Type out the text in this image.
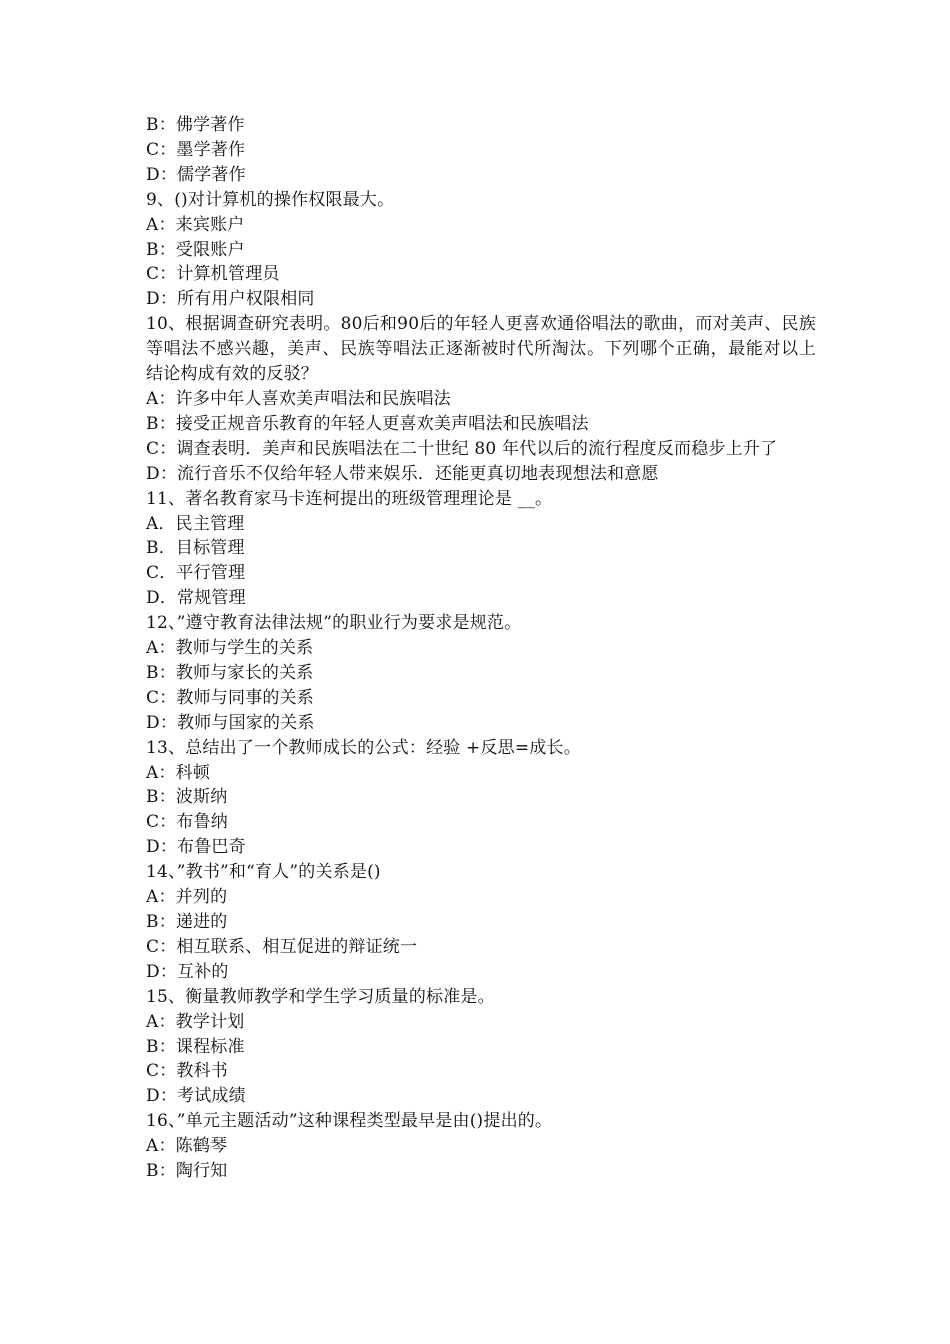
B：佛学著作
C：墨学著作
D：儒学著作
9、()对计算机的操作权限最大。
A：来宾账户
B：受限账户
C：计算机管理员
D：所有用户权限相同
10、根据调查研究表明。80后和90后的年轻人更喜欢通俗唱法的歌曲，而对美声、民族等唱法不感兴趣，美声、民族等唱法正逐渐被时代所淘汰。下列哪个正确，最能对以上结论构成有效的反驳？
A：许多中年人喜欢美声唱法和民族唱法
B：接受正规音乐教育的年轻人更喜欢美声唱法和民族唱法
C：调查表明．美声和民族唱法在二十世纪 80 年代以后的流行程度反而稳步上升了
D：流行音乐不仅给年轻人带来娱乐．还能更真切地表现想法和意愿
11、著名教育家马卡连柯提出的班级管理理论是 __。
A．民主管理
B．目标管理
C．平行管理
D．常规管理
12、”遵守教育法律法规”的职业行为要求是规范。
A：教师与学生的关系
B：教师与家长的关系
C：教师与同事的关系
D：教师与国家的关系
13、总结出了一个教师成长的公式：经验 +反思=成长。
A：科顿
B：波斯纳
C：布鲁纳
D：布鲁巴奇
14、”教书”和“育人”的关系是()
A：并列的
B：递进的
C：相互联系、相互促进的辩证统一
D：互补的
15、衡量教师教学和学生学习质量的标准是。
A：教学计划
B：课程标准
C：教科书
D：考试成绩
16、”单元主题活动”这种课程类型最早是由()提出的。
A：陈鹤琴
B：陶行知
